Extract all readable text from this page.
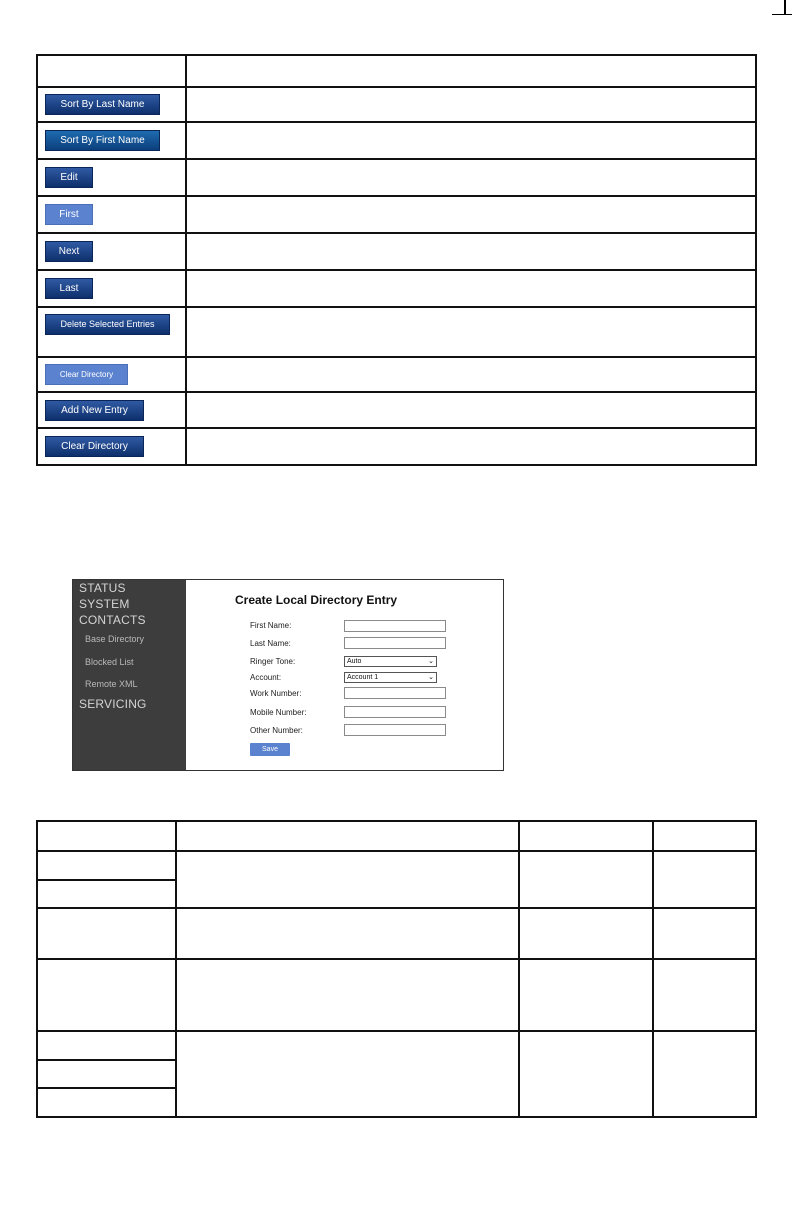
Sort By Last Name	
Sort By First Name	
Edit	
First	
Next	
Last	
Delete Selected Entries	
Clear Directory	
Add New Entry	
Clear Directory	
STATUS
SYSTEM
CONTACTS
Base Directory
Blocked List
Remote XML
SERVICING
Create Local Directory Entry
First Name:
Last Name:
Ringer Tone:	Auto	⌄
Account:	Account 1	⌄
Work Number:
Mobile Number:
Other Number:
Save
